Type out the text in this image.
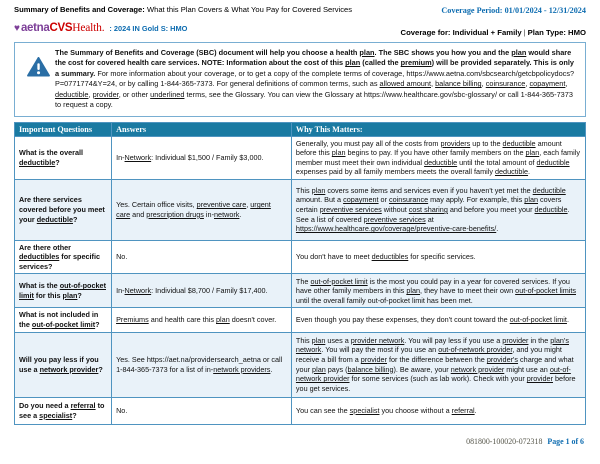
Summary of Benefits and Coverage: What this Plan Covers & What You Pay for Covered Services
♥ aetna CVS Health. : 2024 IN Gold S: HMO
Coverage Period: 01/01/2024 - 12/31/2024
Coverage for: Individual + Family | Plan Type: HMO
The Summary of Benefits and Coverage (SBC) document will help you choose a health plan. The SBC shows you how you and the plan would share the cost for covered health care services. NOTE: Information about the cost of this plan (called the premium) will be provided separately. This is only a summary. For more information about your coverage, or to get a copy of the complete terms of coverage, https://www.aetna.com/sbcsearch/getcbpolicydocs?P=0771774&Y=24, or by calling 1-844-365-7373. For general definitions of common terms, such as allowed amount, balance billing, coinsurance, copayment, deductible, provider, or other underlined terms, see the Glossary. You can view the Glossary at https://www.healthcare.gov/sbc-glossary/ or call 1-844-365-7373 to request a copy.
Important Questions	Answers	Why This Matters:
What is the overall deductible?	In-Network: Individual $1,500 / Family $3,000.	Generally, you must pay all of the costs from providers up to the deductible amount before this plan begins to pay. If you have other family members on the plan, each family member must meet their own individual deductible until the total amount of deductible expenses paid by all family members meets the overall family deductible.
Are there services covered before you meet your deductible?	Yes. Certain office visits, preventive care, urgent care and prescription drugs in-network.	This plan covers some items and services even if you haven't yet met the deductible amount. But a copayment or coinsurance may apply. For example, this plan covers certain preventive services without cost sharing and before you meet your deductible. See a list of covered preventive services at https://www.healthcare.gov/coverage/preventive-care-benefits/.
Are there other deductibles for specific services?	No.	You don't have to meet deductibles for specific services.
What is the out-of-pocket limit for this plan?	In-Network: Individual $8,700 / Family $17,400.	The out-of-pocket limit is the most you could pay in a year for covered services. If you have other family members in this plan, they have to meet their own out-of-pocket limits until the overall family out-of-pocket limit has been met.
What is not included in the out-of-pocket limit?	Premiums and health care this plan doesn't cover.	Even though you pay these expenses, they don't count toward the out-of-pocket limit.
Will you pay less if you use a network provider?	Yes. See https://aet.na/providersearch_aetna or call 1-844-365-7373 for a list of in-network providers.	This plan uses a provider network. You will pay less if you use a provider in the plan's network. You will pay the most if you use an out-of-network provider, and you might receive a bill from a provider for the difference between the provider's charge and what your plan pays (balance billing). Be aware, your network provider might use an out-of-network provider for some services (such as lab work). Check with your provider before you get services.
Do you need a referral to see a specialist?	No.	You can see the specialist you choose without a referral.
081800-100020-072318 Page 1 of 6
